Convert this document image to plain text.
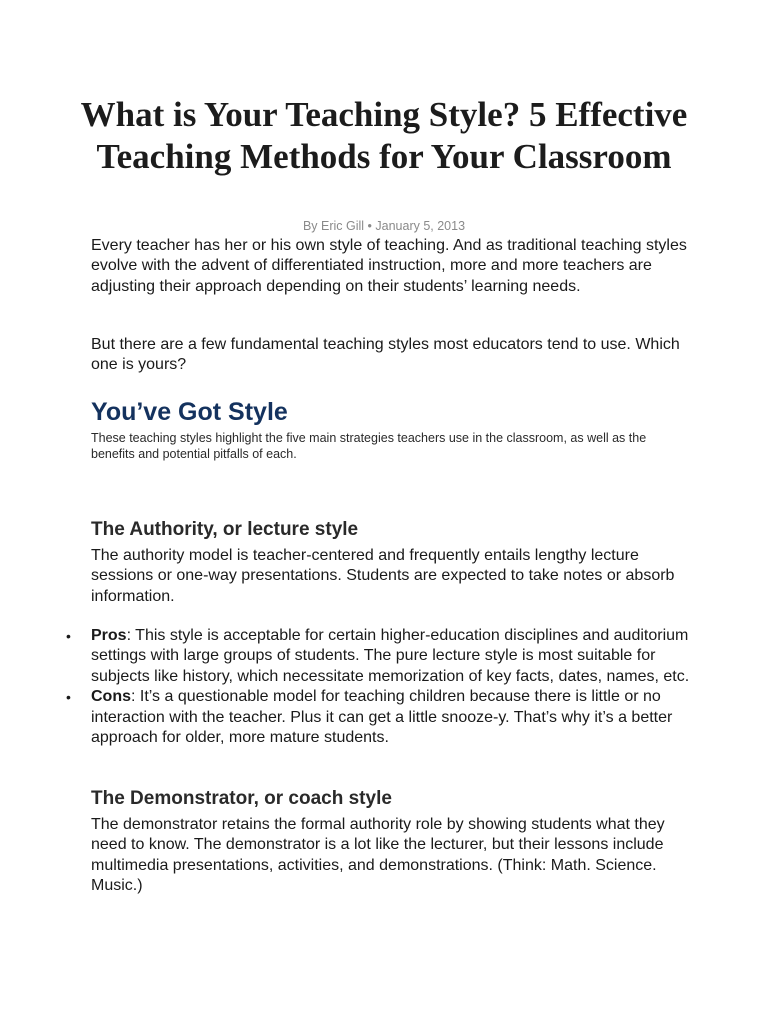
What is Your Teaching Style? 5 Effective Teaching Methods for Your Classroom
By Eric Gill • January 5, 2013

Every teacher has her or his own style of teaching. And as traditional teaching styles evolve with the advent of differentiated instruction, more and more teachers are adjusting their approach depending on their students’ learning needs.

But there are a few fundamental teaching styles most educators tend to use. Which one is yours?

You’ve Got Style

These teaching styles highlight the five main strategies teachers use in the classroom, as well as the benefits and potential pitfalls of each.

The Authority, or lecture style

The authority model is teacher-centered and frequently entails lengthy lecture sessions or one-way presentations. Students are expected to take notes or absorb information.

• Pros: This style is acceptable for certain higher-education disciplines and auditorium settings with large groups of students. The pure lecture style is most suitable for subjects like history, which necessitate memorization of key facts, dates, names, etc.
• Cons: It’s a questionable model for teaching children because there is little or no interaction with the teacher. Plus it can get a little snooze-y. That’s why it’s a better approach for older, more mature students.
The Demonstrator, or coach style

The demonstrator retains the formal authority role by showing students what they need to know. The demonstrator is a lot like the lecturer, but their lessons include multimedia presentations, activities, and demonstrations. (Think: Math. Science. Music.)
